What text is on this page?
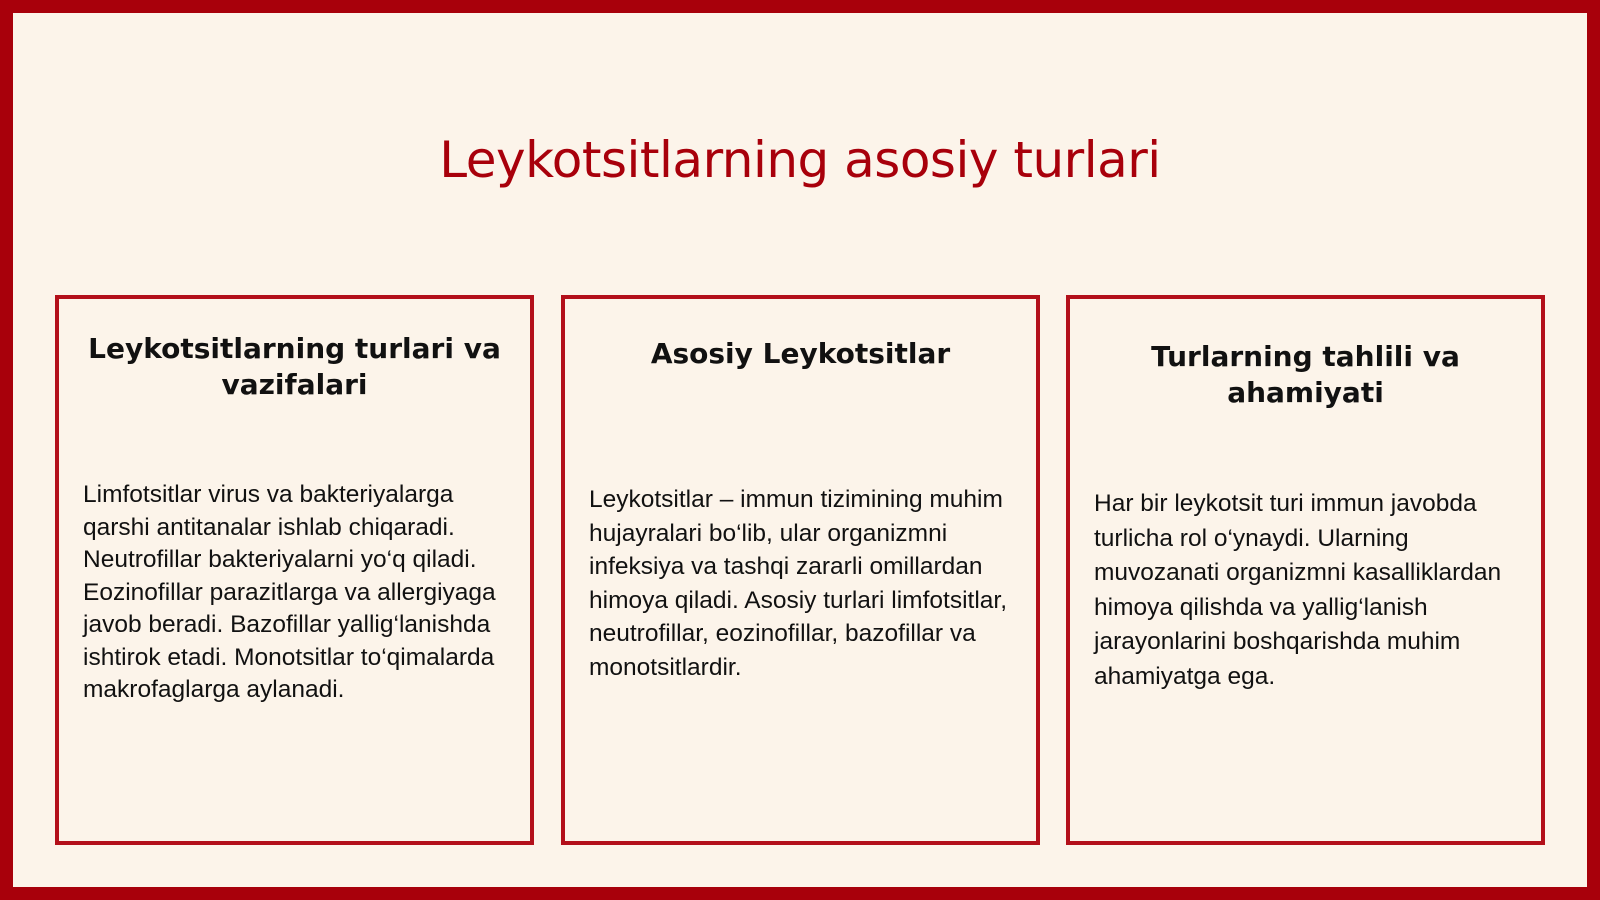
Leykotsitlarning asosiy turlari
Leykotsitlarning turlari va vazifalari

Limfotsitlar virus va bakteriyalarga qarshi antitanalar ishlab chiqaradi. Neutrofillar bakteriyalarni yo‘q qiladi. Eozinofillar parazitlarga va allergiyaga javob beradi. Bazofillar yallig‘lanishda ishtirok etadi. Monotsitlar to‘qimalarda makrofaglarga aylanadi.

Asosiy Leykotsitlar

Leykotsitlar – immun tizimining muhim hujayralari bo‘lib, ular organizmni infeksiya va tashqi zararli omillardan himoya qiladi. Asosiy turlari limfotsitlar, neutrofillar, eozinofillar, bazofillar va monotsitlardir.

Turlarning tahlili va ahamiyati

Har bir leykotsit turi immun javobda turlicha rol o‘ynaydi. Ularning muvozanati organizmni kasalliklardan himoya qilishda va yallig‘lanish jarayonlarini boshqarishda muhim ahamiyatga ega.
